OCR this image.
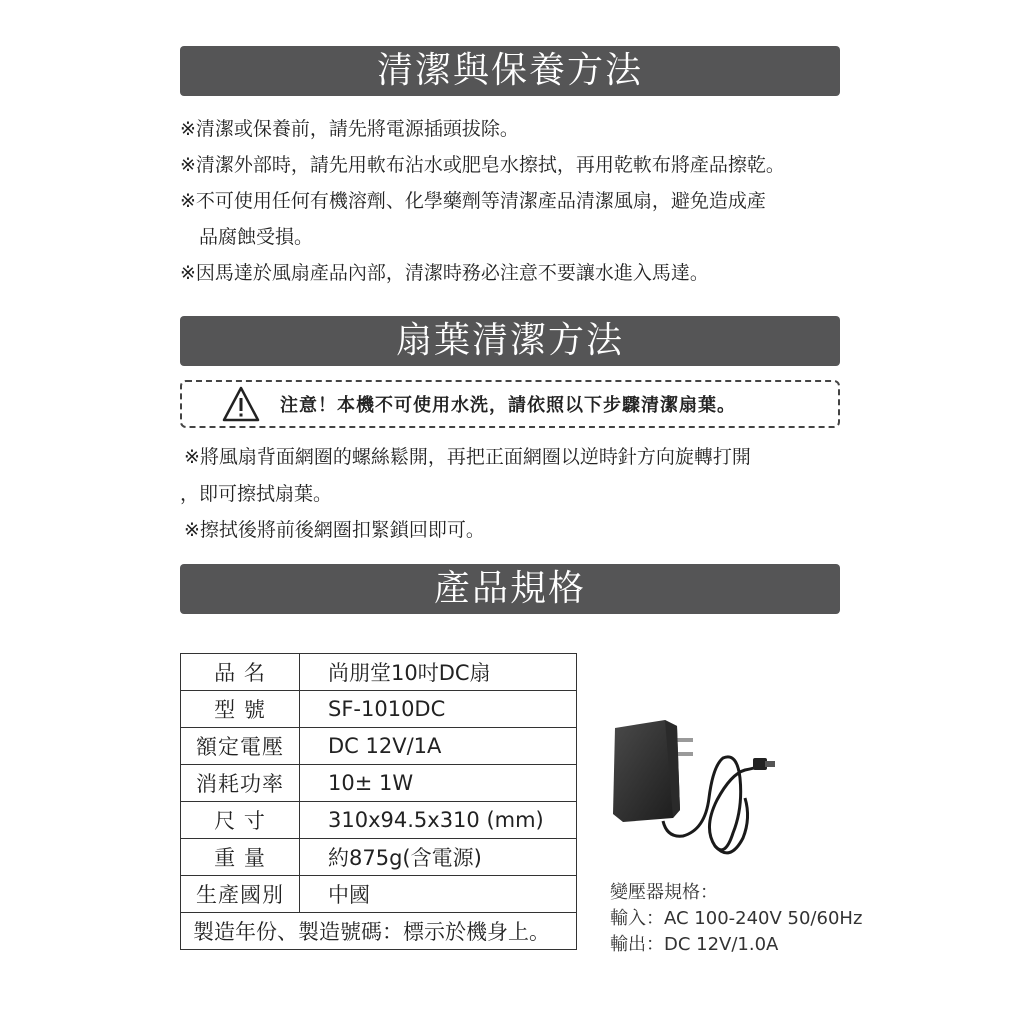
清潔與保養方法
※清潔或保養前，請先將電源插頭拔除。
※清潔外部時，請先用軟布沾水或肥皂水擦拭，再用乾軟布將產品擦乾。
※不可使用任何有機溶劑、化學藥劑等清潔產品清潔風扇，避免造成產
　品腐蝕受損。
※因馬達於風扇產品內部，清潔時務必注意不要讓水進入馬達。
扇葉清潔方法
注意！本機不可使用水洗，請依照以下步驟清潔扇葉。
※將風扇背面網圈的螺絲鬆開，再把正面網圈以逆時針方向旋轉打開
，即可擦拭扇葉。
※擦拭後將前後網圈扣緊鎖回即可。
產品規格
品 名	尚朋堂10吋DC扇
型 號	SF-1010DC
額定電壓	DC 12V/1A
消耗功率	10± 1W
尺 寸	310x94.5x310 (mm)
重 量	約875g(含電源)
生產國別	中國
製造年份、製造號碼：標示於機身上。	
變壓器規格：
輸入：AC 100-240V 50/60Hz
輸出：DC 12V/1.0A
